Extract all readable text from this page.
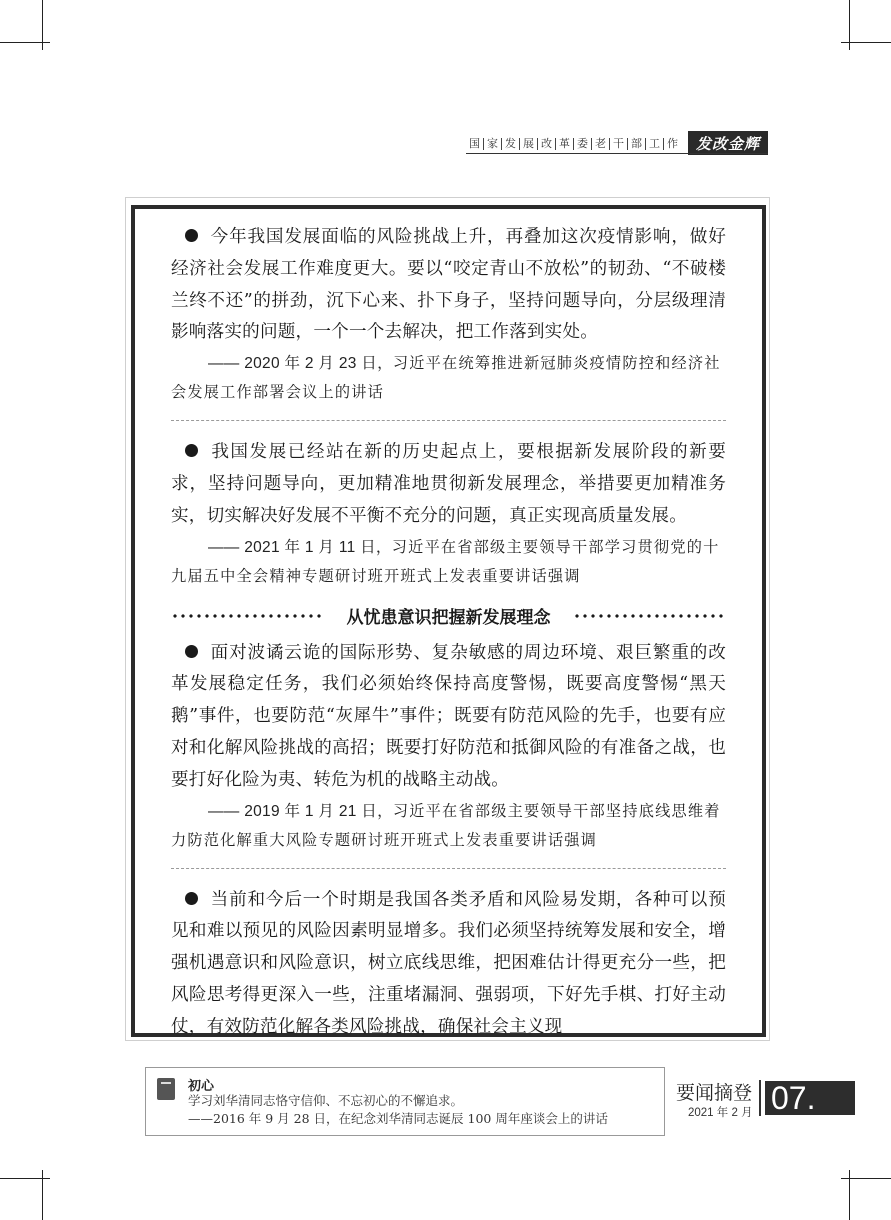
国 家 发 展 改 革 委 老 干 部 工 作	发改金辉
今年我国发展面临的风险挑战上升，再叠加这次疫情影响，做好经济社会发展工作难度更大。要以“咬定青山不放松”的韧劲、“不破楼兰终不还”的拼劲，沉下心来、扑下身子，坚持问题导向，分层级理清影响落实的问题，一个一个去解决，把工作落到实处。
—— 2020 年 2 月 23 日，习近平在统筹推进新冠肺炎疫情防控和经济社会发展工作部署会议上的讲话
我国发展已经站在新的历史起点上，要根据新发展阶段的新要求，坚持问题导向，更加精准地贯彻新发展理念，举措要更加精准务实，切实解决好发展不平衡不充分的问题，真正实现高质量发展。
—— 2021 年 1 月 11 日，习近平在省部级主要领导干部学习贯彻党的十九届五中全会精神专题研讨班开班式上发表重要讲话强调
从忧患意识把握新发展理念
面对波谲云诡的国际形势、复杂敏感的周边环境、艰巨繁重的改革发展稳定任务，我们必须始终保持高度警惕，既要高度警惕“黑天鹅”事件，也要防范“灰犀牛”事件；既要有防范风险的先手，也要有应对和化解风险挑战的高招；既要打好防范和抵御风险的有准备之战，也要打好化险为夷、转危为机的战略主动战。
—— 2019 年 1 月 21 日，习近平在省部级主要领导干部坚持底线思维着力防范化解重大风险专题研讨班开班式上发表重要讲话强调
当前和今后一个时期是我国各类矛盾和风险易发期，各种可以预见和难以预见的风险因素明显增多。我们必须坚持统筹发展和安全，增强机遇意识和风险意识，树立底线思维，把困难估计得更充分一些，把风险思考得更深入一些，注重堵漏洞、强弱项，下好先手棋、打好主动仗，有效防范化解各类风险挑战，确保社会主义现
初心
学习刘华清同志恪守信仰、不忘初心的不懈追求。
——2016 年 9 月 28 日，在纪念刘华清同志诞辰 100 周年座谈会上的讲话
要闻摘登
2021 年 2 月 07.
